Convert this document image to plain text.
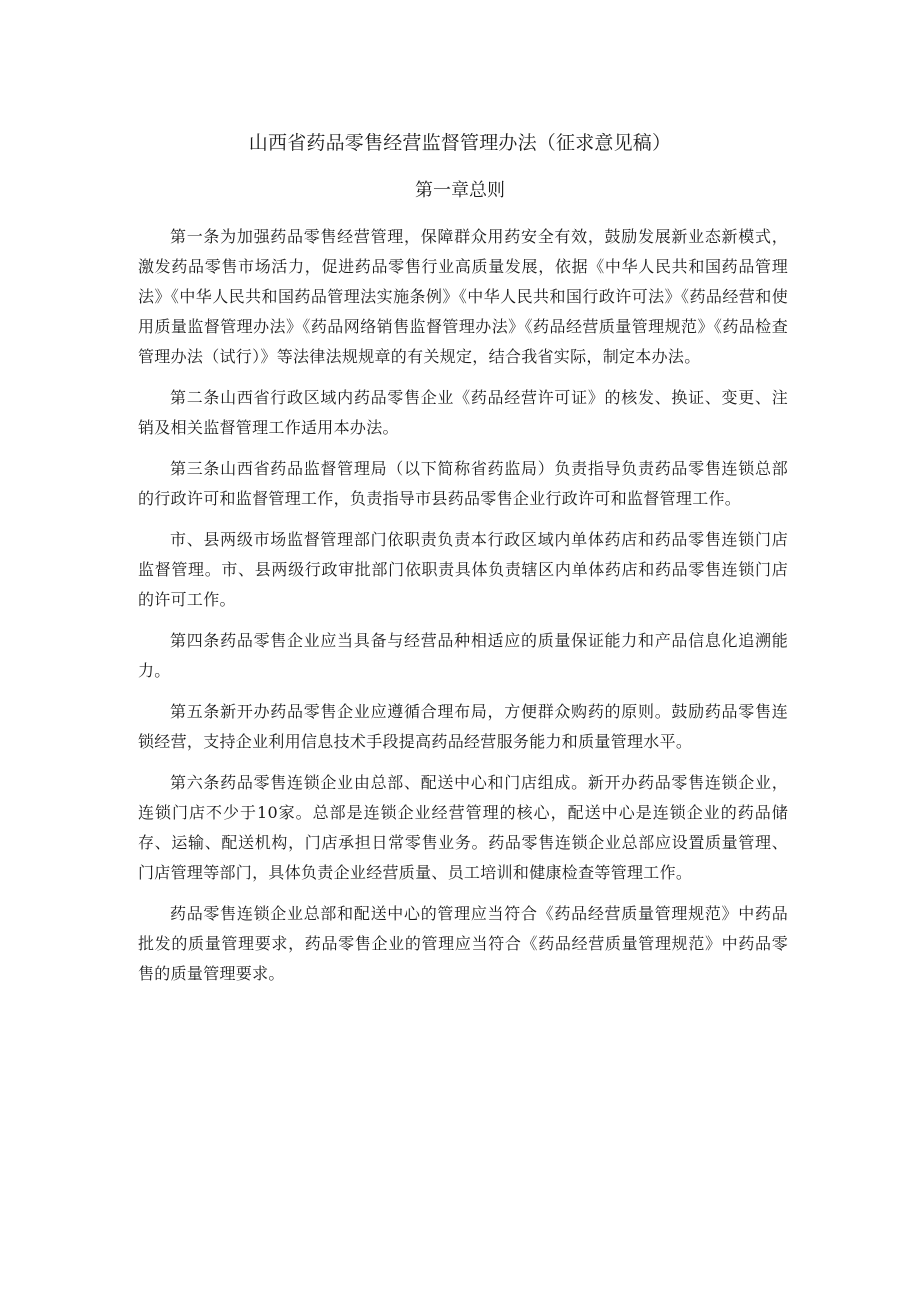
山西省药品零售经营监督管理办法（征求意见稿）
第一章总则

第一条为加强药品零售经营管理，保障群众用药安全有效，鼓励发展新业态新模式，激发药品零售市场活力，促进药品零售行业高质量发展，依据《中华人民共和国药品管理法》《中华人民共和国药品管理法实施条例》《中华人民共和国行政许可法》《药品经营和使用质量监督管理办法》《药品网络销售监督管理办法》《药品经营质量管理规范》《药品检查管理办法（试行）》等法律法规规章的有关规定，结合我省实际，制定本办法。

第二条山西省行政区域内药品零售企业《药品经营许可证》的核发、换证、变更、注销及相关监督管理工作适用本办法。

第三条山西省药品监督管理局（以下简称省药监局）负责指导负责药品零售连锁总部的行政许可和监督管理工作，负责指导市县药品零售企业行政许可和监督管理工作。

市、县两级市场监督管理部门依职责负责本行政区域内单体药店和药品零售连锁门店监督管理。市、县两级行政审批部门依职责具体负责辖区内单体药店和药品零售连锁门店的许可工作。

第四条药品零售企业应当具备与经营品种相适应的质量保证能力和产品信息化追溯能力。

第五条新开办药品零售企业应遵循合理布局，方便群众购药的原则。鼓励药品零售连锁经营，支持企业利用信息技术手段提高药品经营服务能力和质量管理水平。

第六条药品零售连锁企业由总部、配送中心和门店组成。新开办药品零售连锁企业，连锁门店不少于10家。总部是连锁企业经营管理的核心，配送中心是连锁企业的药品储存、运输、配送机构，门店承担日常零售业务。药品零售连锁企业总部应设置质量管理、门店管理等部门，具体负责企业经营质量、员工培训和健康检查等管理工作。

药品零售连锁企业总部和配送中心的管理应当符合《药品经营质量管理规范》中药品批发的质量管理要求，药品零售企业的管理应当符合《药品经营质量管理规范》中药品零售的质量管理要求。
